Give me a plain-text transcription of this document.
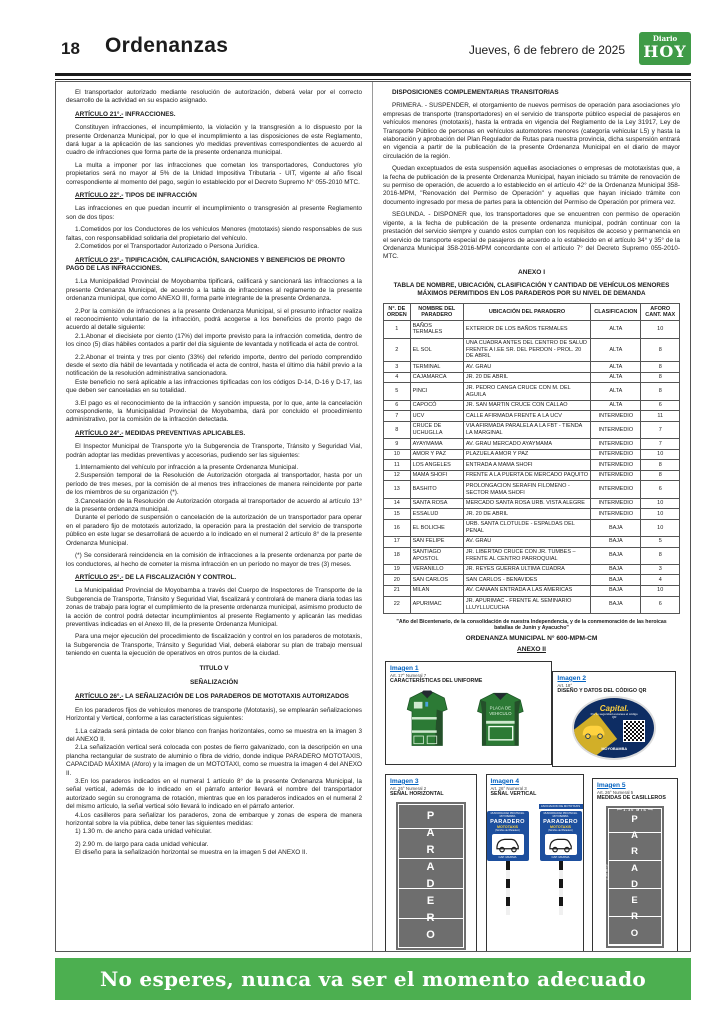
18 Ordenanzas	Jueves, 6 de febrero de 2025
Diario
HOY
El transportador autorizado mediante resolución de autorización, deberá velar por el correcto desarrollo de la actividad en su espacio asignado.
ARTÍCULO 21°.- INFRACCIONES.
Constituyen infracciones, el incumplimiento, la violación y la transgresión a lo dispuesto por la presente Ordenanza Municipal, por lo que el incumplimiento a las disposiciones de este Reglamento, dará lugar a la aplicación de las sanciones y/o medidas preventivas correspondientes de acuerdo al cuadro de infracciones que forma parte de la presente ordenanza municipal.
La multa a imponer por las infracciones que cometan los transportadores, Conductores y/o propietarios será no mayor al 5% de la Unidad Impositiva Tributaria - UIT, vigente al año fiscal correspondiente al momento del pago, según lo establecido por el Decreto Supremo N° 055-2010 MTC.
ARTÍCULO 22°.- TIPOS DE INFRACCIÓN
Las infracciones en que puedan incurrir el incumplimiento o transgresión al presente Reglamento son de dos tipos:
1.Cometidos por los Conductores de los vehículos Menores (mototaxis) siendo responsables de sus faltas, con responsabilidad solidaria del propietario del vehículo.
2.Cometidos por el Transportador Autorizado o Persona Jurídica.
ARTÍCULO 23°.- TIPIFICACIÓN, CALIFICACIÓN, SANCIONES Y BENEFICIOS DE PRONTO PAGO DE LAS INFRACCIONES.
1.La Municipalidad Provincial de Moyobamba tipificará, calificará y sancionará las infracciones a la presente Ordenanza Municipal, de acuerdo a la tabla de infracciones al reglamento de la presente ordenanza municipal, que como ANEXO III, forma parte integrante de la presente Ordenanza.
2.Por la comisión de infracciones a la presente Ordenanza Municipal, si el presunto infractor realiza el reconocimiento voluntario de la infracción, podrá acogerse a los beneficios de pronto pago de acuerdo al detalle siguiente:
2.1.Abonar el diecisiete por ciento (17%) del importe previsto para la infracción cometida, dentro de los cinco (5) días hábiles contados a partir del día siguiente de levantada y notificada el acta de control.
2.2.Abonar el treinta y tres por ciento (33%) del referido importe, dentro del período comprendido desde el sexto día hábil de levantada y notificada el acta de control, hasta el último día hábil previo a la notificación de la resolución administrativa sancionadora.
Este beneficio no será aplicable a las infracciones tipificadas con los códigos D-14, D-16 y D-17, las que deben ser canceladas en su totalidad.
3.El pago es el reconocimiento de la infracción y sanción impuesta, por lo que, ante la cancelación correspondiente, la Municipalidad Provincial de Moyobamba, dará por concluido el procedimiento administrativo, por la comisión de la infracción detectada.
ARTÍCULO 24°.- MEDIDAS PREVENTIVAS APLICABLES.
El Inspector Municipal de Transporte y/o la Subgerencia de Transporte, Tránsito y Seguridad Vial, podrán adoptar las medidas preventivas y accesorias, pudiendo ser las siguientes:
1.Internamiento del vehículo por infracción a la presente Ordenanza Municipal.
2.Suspensión temporal de la Resolución de Autorización otorgada al transportador, hasta por un período de tres meses, por la comisión de al menos tres infracciones de manera reincidente por parte de los miembros de su organización (*).
3.Cancelación de la Resolución de Autorización otorgada al transportador de acuerdo al artículo 13° de la presente ordenanza municipal.
Durante el período de suspensión o cancelación de la autorización de un transportador para operar en el paradero fijo de mototaxis autorizado, la operación para la prestación del servicio de transporte público en este lugar se desarrollará de acuerdo a lo indicado en el numeral 2 artículo 8° de la presente Ordenanza Municipal.
(*) Se considerará reincidencia en la comisión de infracciones a la presente ordenanza por parte de los conductores, al hecho de cometer la misma infracción en un período no mayor de tres (3) meses.
ARTÍCULO 25°.- DE LA FISCALIZACIÓN Y CONTROL.
La Municipalidad Provincial de Moyobamba a través del Cuerpo de Inspectores de Transporte de la Subgerencia de Transporte, Tránsito y Seguridad Vial, fiscalizará y controlará de manera diaria todas las zonas de trabajo para lograr el cumplimiento de la presente ordenanza municipal, asimismo producto de la acción de control podrá detectar incumplimientos al presente Reglamento y aplicarán las medidas preventivas indicadas en el Anexo III, de la presente Ordenanza Municipal.
Para una mejor ejecución del procedimiento de fiscalización y control en los paraderos de mototaxis, la Subgerencia de Transporte, Tránsito y Seguridad Vial, deberá elaborar su plan de trabajo mensual teniendo en cuenta la ejecución de operativos en otros puntos de la ciudad.
TITULO V
SEÑALIZACIÓN
ARTÍCULO 26°.- LA SEÑALIZACIÓN DE LOS PARADEROS DE MOTOTAXIS AUTORIZADOS
En los paraderos fijos de vehículos menores de transporte (Mototaxis), se emplearán señalizaciones Horizontal y Vertical, conforme a las características siguientes:
1.La calzada será pintada de color blanco con franjas horizontales, como se muestra en la imagen 3 del ANEXO II.
2.La señalización vertical será colocada con postes de fierro galvanizado, con la descripción en una plancha rectangular de sustrato de aluminio o fibra de vidrio, donde indique PARADERO MOTOTAXIS, CAPACIDAD MÁXIMA (Aforo) y la imagen de un MOTOTAXI, como se muestra la imagen 4 del ANEXO II.
3.En los paraderos indicados en el numeral 1 artículo 8° de la presente Ordenanza Municipal, la señal vertical, además de lo indicado en el párrafo anterior llevará el nombre del transportador autorizado según su cronograma de rotación, mientras que en los paraderos indicados en el numeral 2 del mismo artículo, la señal vertical sólo llevará lo indicado en el párrafo anterior.
4.Los casilleros para señalizar los paraderos, zona de embarque y zonas de espera de manera horizontal sobre la vía pública, debe tener las siguientes medidas:
1) 1.30 m. de ancho para cada unidad vehicular.
2) 2.90 m. de largo para cada unidad vehicular.
El diseño para la señalización horizontal se muestra en la imagen 5 del ANEXO II.
DISPOSICIONES COMPLEMENTARIAS TRANSITORIAS
PRIMERA. - SUSPENDER, el otorgamiento de nuevos permisos de operación para asociaciones y/o empresas de transporte (transportadores) en el servicio de transporte público especial de pasajeros en vehículos menores (mototaxis), hasta la entrada en vigencia del Reglamento de la Ley 31917, Ley de Transporte Público de personas en vehículos automotores menores (categoría vehicular L5) y hasta la elaboración y aprobación del Plan Regulador de Rutas para nuestra provincia, dicha suspensión entrará en vigencia a partir de la publicación de la presente Ordenanza Municipal en el diario de mayor circulación de la región.
Quedan exceptuados de esta suspensión aquellas asociaciones o empresas de mototaxistas que, a la fecha de publicación de la presente Ordenanza Municipal, hayan iniciado su trámite de renovación de su permiso de operación, de acuerdo a lo establecido en el artículo 42° de la Ordenanza Municipal 358-2016-MPM, "Renovación del Permiso de Operación" y aquellas que hayan iniciado trámite con documento ingresado por mesa de partes para la obtención del Permiso de Operación por primera vez.
SEGUNDA. - DISPONER que, los transportadores que se encuentren con permiso de operación vigente, a la fecha de publicación de la presente ordenanza municipal, podrán continuar con la prestación del servicio siempre y cuando estos cumplan con los requisitos de acceso y permanencia en el servicio de transporte especial de pasajeros de acuerdo a lo establecido en el artículo 34° y 35° de la Ordenanza Municipal 358-2016-MPM concordante con el artículo 7° del Decreto Supremo 055-2010-MTC.
ANEXO I
TABLA DE NOMBRE, UBICACIÓN, CLASIFICACIÓN Y CANTIDAD DE VEHÍCULOS MENORES MÁXIMOS PERMITIDOS EN LOS PARADEROS POR SU NIVEL DE DEMANDA
N°. DE ORDEN	NOMBRE DEL PARADERO	UBICACIÓN DEL PARADERO	CLASIFICACION	AFORO CANT. MAX
1	BAÑOS TERMALES	EXTERIOR DE LOS BAÑOS TERMALES	ALTA	10
2	EL SOL	UNA CUADRA ANTES DEL CENTRO DE SALUD FRENTE A I.EE SR. DEL PERDON - PROL. 20 DE ABRIL	ALTA	8
3	TERMINAL	AV. GRAU	ALTA	8
4	CAJAMARCA	JR. 20 DE ABRIL	ALTA	8
5	PINCI	JR. PEDRO CANGA CRUCE CON M. DEL AGUILA	ALTA	8
6	CAPOCÓ	JR. SAN MARTIN CRUCE CON CALLAO	ALTA	6
7	UCV	CALLE AFIRMADA FRENTE A LA UCV	INTERMEDIO	11
8	CRUCE DE UCHUGLLA	VIA AFIRMADA PARALELA A LA FBT - TIENDA LA MARGINAL	INTERMEDIO	7
9	AYAYMAMA	AV. GRAU MERCADO AYAYMAMA	INTERMEDIO	7
10	AMOR Y PAZ	PLAZUELA AMOR Y PAZ	INTERMEDIO	10
11	LOS ANGELES	ENTRADA A MAMA SHOFI	INTERMEDIO	8
12	MAMA SHOFI	FRENTE A LA PUERTA DE MERCADO PAQUITO	INTERMEDIO	8
13	BASHITO	PROLONGACION SERAFIN FILOMENO - SECTOR MAMA SHOFI	INTERMEDIO	6
14	SANTA ROSA	MERCADO SANTA ROSA URB. VISTA ALEGRE	INTERMEDIO	10
15	ESSALUD	JR. 20 DE ABRIL	INTERMEDIO	10
16	EL BOLICHE	URB. SANTA CLOTULDE - ESPALDAS DEL PENAL	BAJA	10
17	SAN FELIPE	AV. GRAU	BAJA	5
18	SANTIAGO APOSTOL	JR. LIBERTAD CRUCE CON JR. TUMBES – FRENTE AL CENTRO PARROQUIAL	BAJA	8
19	VERANILLO	JR. REYES GUERRA ULTIMA CUADRA	BAJA	3
20	SAN CARLOS	SAN CARLOS - BENAVIDES	BAJA	4
21	MILAN	AV. CANAAN ENTRADA A LAS AMERICAS	BAJA	10
22	APURIMAC	JR. APURIMAC - FRENTE AL SEMINARIO LLUYLLUCUCHA	BAJA	6
"Año del Bicentenario, de la consolidación de nuestra Independencia, y de la conmemoración de las heroicas batallas de Junín y Ayacucho"
ORDENANZA MUNICIPAL N° 600-MPM-CM
ANEXO II
Imagen 1
Art. 17° Numeral 7
CARACTERÍSTICAS DEL UNIFORME
PLACA DE
VEHICULO
Imagen 2
Art. 18°
DISEÑO Y DATOS DEL CÓDIGO QR
Capital.
Por tu seguridad escanea el código QR
MOYOBAMBA
Imagen 3
Art. 26° Numeral 2
SEÑAL HORIZONTAL
P
A
R
A
D
E
R
O
Imagen 4
Art. 26° Numeral 3
SEÑAL VERTICAL
MUNICIPALIDAD PROVINCIAL MOYOBAMBA
PARADERO
MOTOTAXIS
(Nombre del Paradero)
CAP. MAXIMA
ASOCIACION DE MOTOTAXIS
MUNICIPALIDAD PROVINCIAL MOYOBAMBA
PARADERO
MOTOTAXIS
(Nombre del Paradero)
CAP. MAXIMA
Imagen 5
Art. 26° Numeral 5
MEDIDAS DE CASILLEROS
⟵ 1.30 MTS ⟶
2.90 MTS
P
A
R
A
D
E
R
O
No esperes, nunca va ser el momento adecuado
